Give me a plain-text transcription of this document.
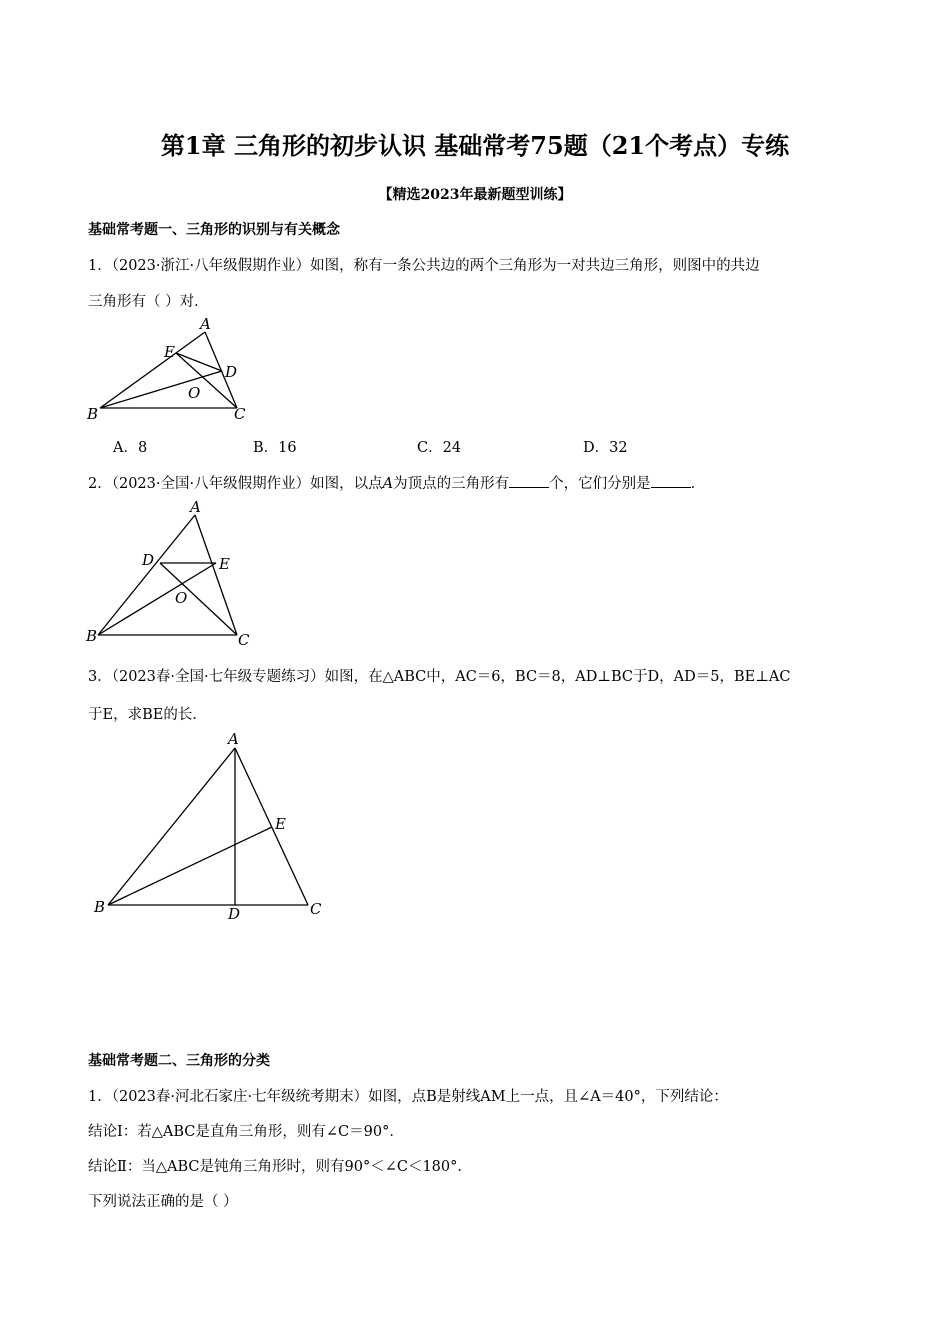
第1章 三角形的初步认识 基础常考75题（21个考点）专练
【精选2023年最新题型训练】
基础常考题一、三角形的识别与有关概念
1．（2023·浙江·八年级假期作业）如图，称有一条公共边的两个三角形为一对共边三角形，则图中的共边
三角形有（ ）对．
A
E
D
O
B	C
A．8	B．16	C．24	D．32
2．（2023·全国·八年级假期作业）如图，以点A为顶点的三角形有	个，它们分别是	．
A
D	E
O
B	C
3．（2023春·全国·七年级专题练习）如图，在△ABC中，AC＝6，BC＝8，AD⊥BC于D，AD＝5，BE⊥AC
于E，求BE的长．
A
E
B	D	C
基础常考题二、三角形的分类
1．（2023春·河北石家庄·七年级统考期末）如图，点B是射线AM上一点，且∠A＝40°，下列结论：
结论Ⅰ：若△ABC是直角三角形，则有∠C＝90°．
结论Ⅱ：当△ABC是钝角三角形时，则有90°＜∠C＜180°．
下列说法正确的是（ ）
